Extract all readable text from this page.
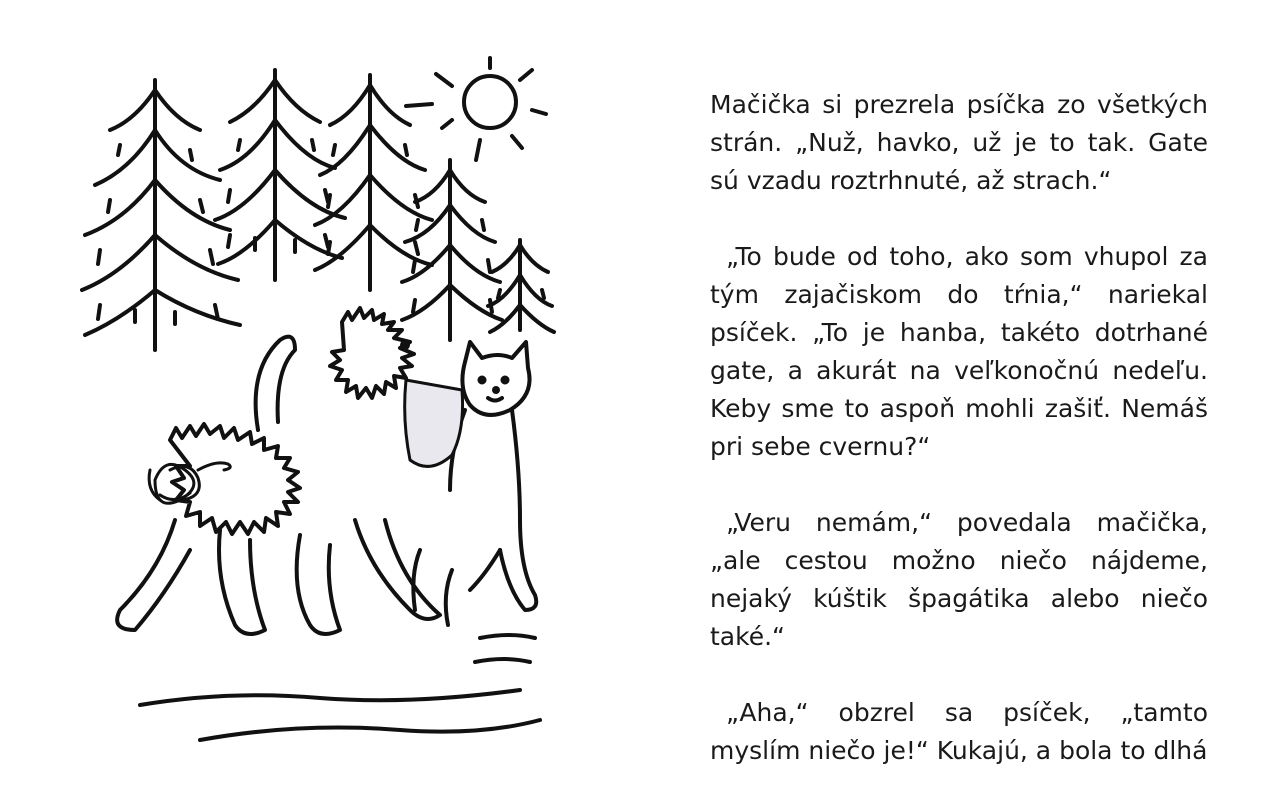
Mačička si prezrela psíčka zo všetkých strán. „Nuž, havko, už je to tak. Gate sú vzadu roztrhnuté, až strach.“

„To bude od toho, ako som vhupol za tým zajačiskom do tŕnia,“ nariekal psíček. „To je hanba, takéto dotrhané gate, a akurát na veľkonočnú nedeľu. Keby sme to aspoň mohli zašiť. Nemáš pri sebe cvernu?“

„Veru nemám,“ povedala mačička, „ale cestou možno niečo nájdeme, nejaký kúštik špagátika alebo niečo také.“

„Aha,“ obzrel sa psíček, „tamto myslím niečo je!“ Kukajú, a bola to dlhá
